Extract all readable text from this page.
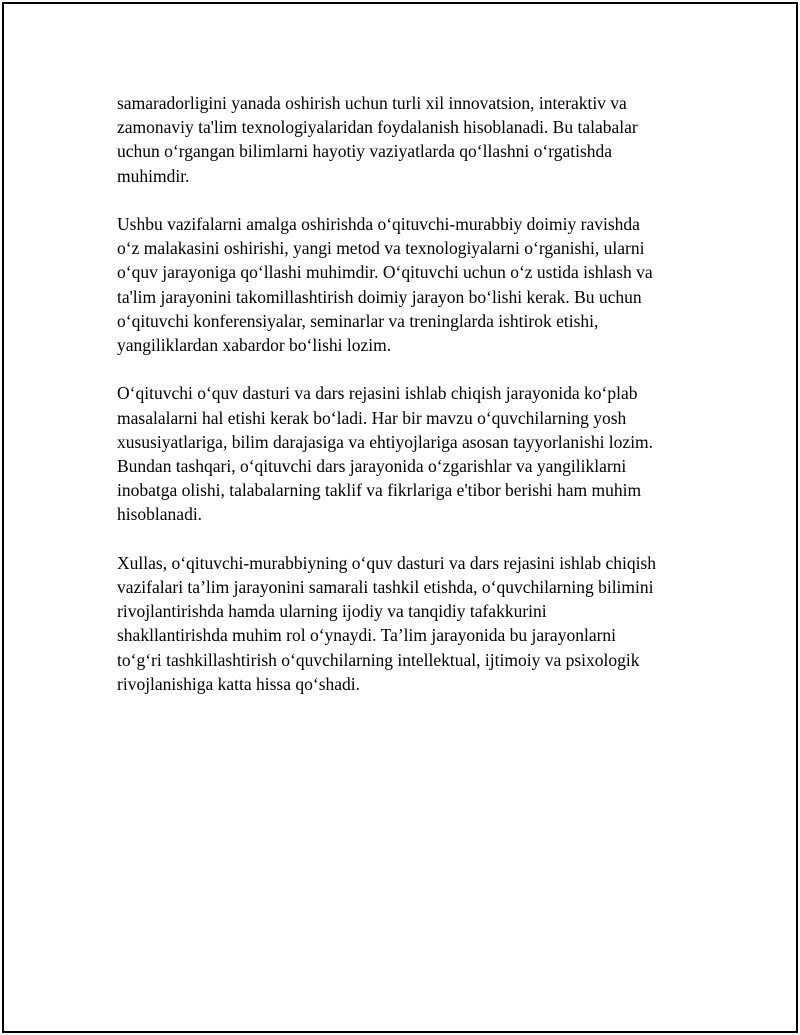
samaradorligini yanada oshirish uchun turli xil innovatsion, interaktiv va
zamonaviy ta'lim texnologiyalaridan foydalanish hisoblanadi. Bu talabalar
uchun oʻrgangan bilimlarni hayotiy vaziyatlarda qoʻllashni oʻrgatishda
muhimdir.
Ushbu vazifalarni amalga oshirishda oʻqituvchi-murabbiy doimiy ravishda
oʻz malakasini oshirishi, yangi metod va texnologiyalarni oʻrganishi, ularni
oʻquv jarayoniga qoʻllashi muhimdir. Oʻqituvchi uchun oʻz ustida ishlash va
ta'lim jarayonini takomillashtirish doimiy jarayon boʻlishi kerak. Bu uchun
oʻqituvchi konferensiyalar, seminarlar va treninglarda ishtirok etishi,
yangiliklardan xabardor boʻlishi lozim.
Oʻqituvchi oʻquv dasturi va dars rejasini ishlab chiqish jarayonida koʻplab
masalalarni hal etishi kerak boʻladi. Har bir mavzu oʻquvchilarning yosh
xususiyatlariga, bilim darajasiga va ehtiyojlariga asosan tayyorlanishi lozim.
Bundan tashqari, oʻqituvchi dars jarayonida oʻzgarishlar va yangiliklarni
inobatga olishi, talabalarning taklif va fikrlariga e'tibor berishi ham muhim
hisoblanadi.
Xullas, oʻqituvchi-murabbiyning oʻquv dasturi va dars rejasini ishlab chiqish
vazifalari taʼlim jarayonini samarali tashkil etishda, oʻquvchilarning bilimini
rivojlantirishda hamda ularning ijodiy va tanqidiy tafakkurini
shakllantirishda muhim rol oʻynaydi. Taʼlim jarayonida bu jarayonlarni
toʻgʻri tashkillashtirish oʻquvchilarning intellektual, ijtimoiy va psixologik
rivojlanishiga katta hissa qoʻshadi.
